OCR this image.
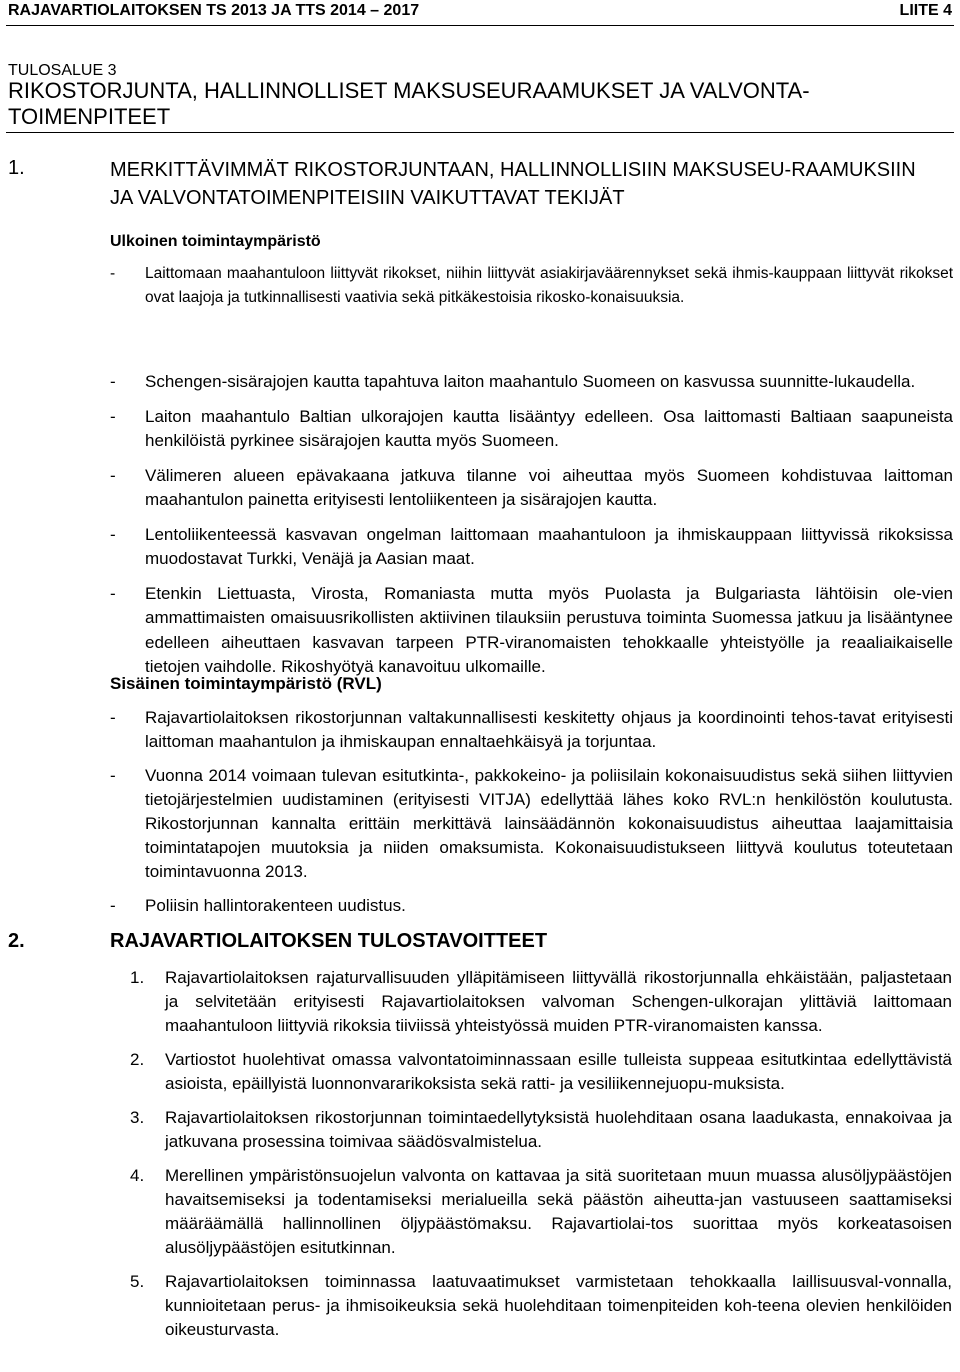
RAJAVARTIOLAITOKSEN TS 2013 JA TTS 2014 – 2017	LIITE 4
TULOSALUE 3
RIKOSTORJUNTA, HALLINNOLLISET MAKSUSEURAAMUKSET JA VALVONTA-TOIMENPITEET
1.	MERKITTÄVIMMÄT RIKOSTORJUNTAAN, HALLINNOLLISIIN MAKSUSEU-RAAMUKSIIN JA VALVONTATOIMENPITEISIIN VAIKUTTAVAT TEKIJÄT
Ulkoinen toimintaympäristö
- Laittomaan maahantuloon liittyvät rikokset, niihin liittyvät asiakirjaväärennykset sekä ihmis-kauppaan liittyvät rikokset ovat laajoja ja tutkinnallisesti vaativia sekä pitkäkestoisia rikosko-konaisuuksia.
- Schengen-sisärajojen kautta tapahtuva laiton maahantulo Suomeen on kasvussa suunnitte-lukaudella.
- Laiton maahantulo Baltian ulkorajojen kautta lisääntyy edelleen. Osa laittomasti Baltiaan saapuneista henkilöistä pyrkinee sisärajojen kautta myös Suomeen.
- Välimeren alueen epävakaana jatkuva tilanne voi aiheuttaa myös Suomeen kohdistuvaa laittoman maahantulon painetta erityisesti lentoliikenteen ja sisärajojen kautta.
- Lentoliikenteessä kasvavan ongelman laittomaan maahantuloon ja ihmiskauppaan liittyvissä rikoksissa muodostavat Turkki, Venäjä ja Aasian maat.
- Etenkin Liettuasta, Virosta, Romaniasta mutta myös Puolasta ja Bulgariasta lähtöisin ole-vien ammattimaisten omaisuusrikollisten aktiivinen tilauksiin perustuva toiminta Suomessa jatkuu ja lisääntynee edelleen aiheuttaen kasvavan tarpeen PTR-viranomaisten tehokkaalle yhteistyölle ja reaaliaikaiselle tietojen vaihdolle. Rikoshyötyä kanavoituu ulkomaille.
Sisäinen toimintaympäristö (RVL)
- Rajavartiolaitoksen rikostorjunnan valtakunnallisesti keskitetty ohjaus ja koordinointi tehos-tavat erityisesti laittoman maahantulon ja ihmiskaupan ennaltaehkäisyä ja torjuntaa.
- Vuonna 2014 voimaan tulevan esitutkinta-, pakkokeino- ja poliisilain kokonaisuudistus sekä siihen liittyvien tietojärjestelmien uudistaminen (erityisesti VITJA) edellyttää lähes koko RVL:n henkilöstön koulutusta. Rikostorjunnan kannalta erittäin merkittävä lainsäädännön kokonaisuudistus aiheuttaa laajamittaisia toimintatapojen muutoksia ja niiden omaksumista. Kokonaisuudistukseen liittyvä koulutus toteutetaan toimintavuonna 2013.
- Poliisin hallintorakenteen uudistus.
2.	RAJAVARTIOLAITOKSEN TULOSTAVOITTEET
1. Rajavartiolaitoksen rajaturvallisuuden ylläpitämiseen liittyvällä rikostorjunnalla ehkäistään, paljastetaan ja selvitetään erityisesti Rajavartiolaitoksen valvoman Schengen-ulkorajan ylittäviä laittomaan maahantuloon liittyviä rikoksia tiiviissä yhteistyössä muiden PTR-viranomaisten kanssa.
2. Vartiostot huolehtivat omassa valvontatoiminnassaan esille tulleista suppeaa esitutkintaa edellyttävistä asioista, epäillyistä luonnonvararikoksista sekä ratti- ja vesiliikennejuopu-muksista.
3. Rajavartiolaitoksen rikostorjunnan toimintaedellytyksistä huolehditaan osana laadukasta, ennakoivaa ja jatkuvana prosessina toimivaa säädösvalmistelua.
4. Merellinen ympäristönsuojelun valvonta on kattavaa ja sitä suoritetaan muun muassa alusöljypäästöjen havaitsemiseksi ja todentamiseksi merialueilla sekä päästön aiheutta-jan vastuuseen saattamiseksi määräämällä hallinnollinen öljypäästömaksu. Rajavartiolai-tos suorittaa myös korkeatasoisen alusöljypäästöjen esitutkinnan.
5. Rajavartiolaitoksen toiminnassa laatuvaatimukset varmistetaan tehokkaalla laillisuusval-vonnalla, kunnioitetaan perus- ja ihmisoikeuksia sekä huolehditaan toimenpiteiden koh-teena olevien henkilöiden oikeusturvasta.
